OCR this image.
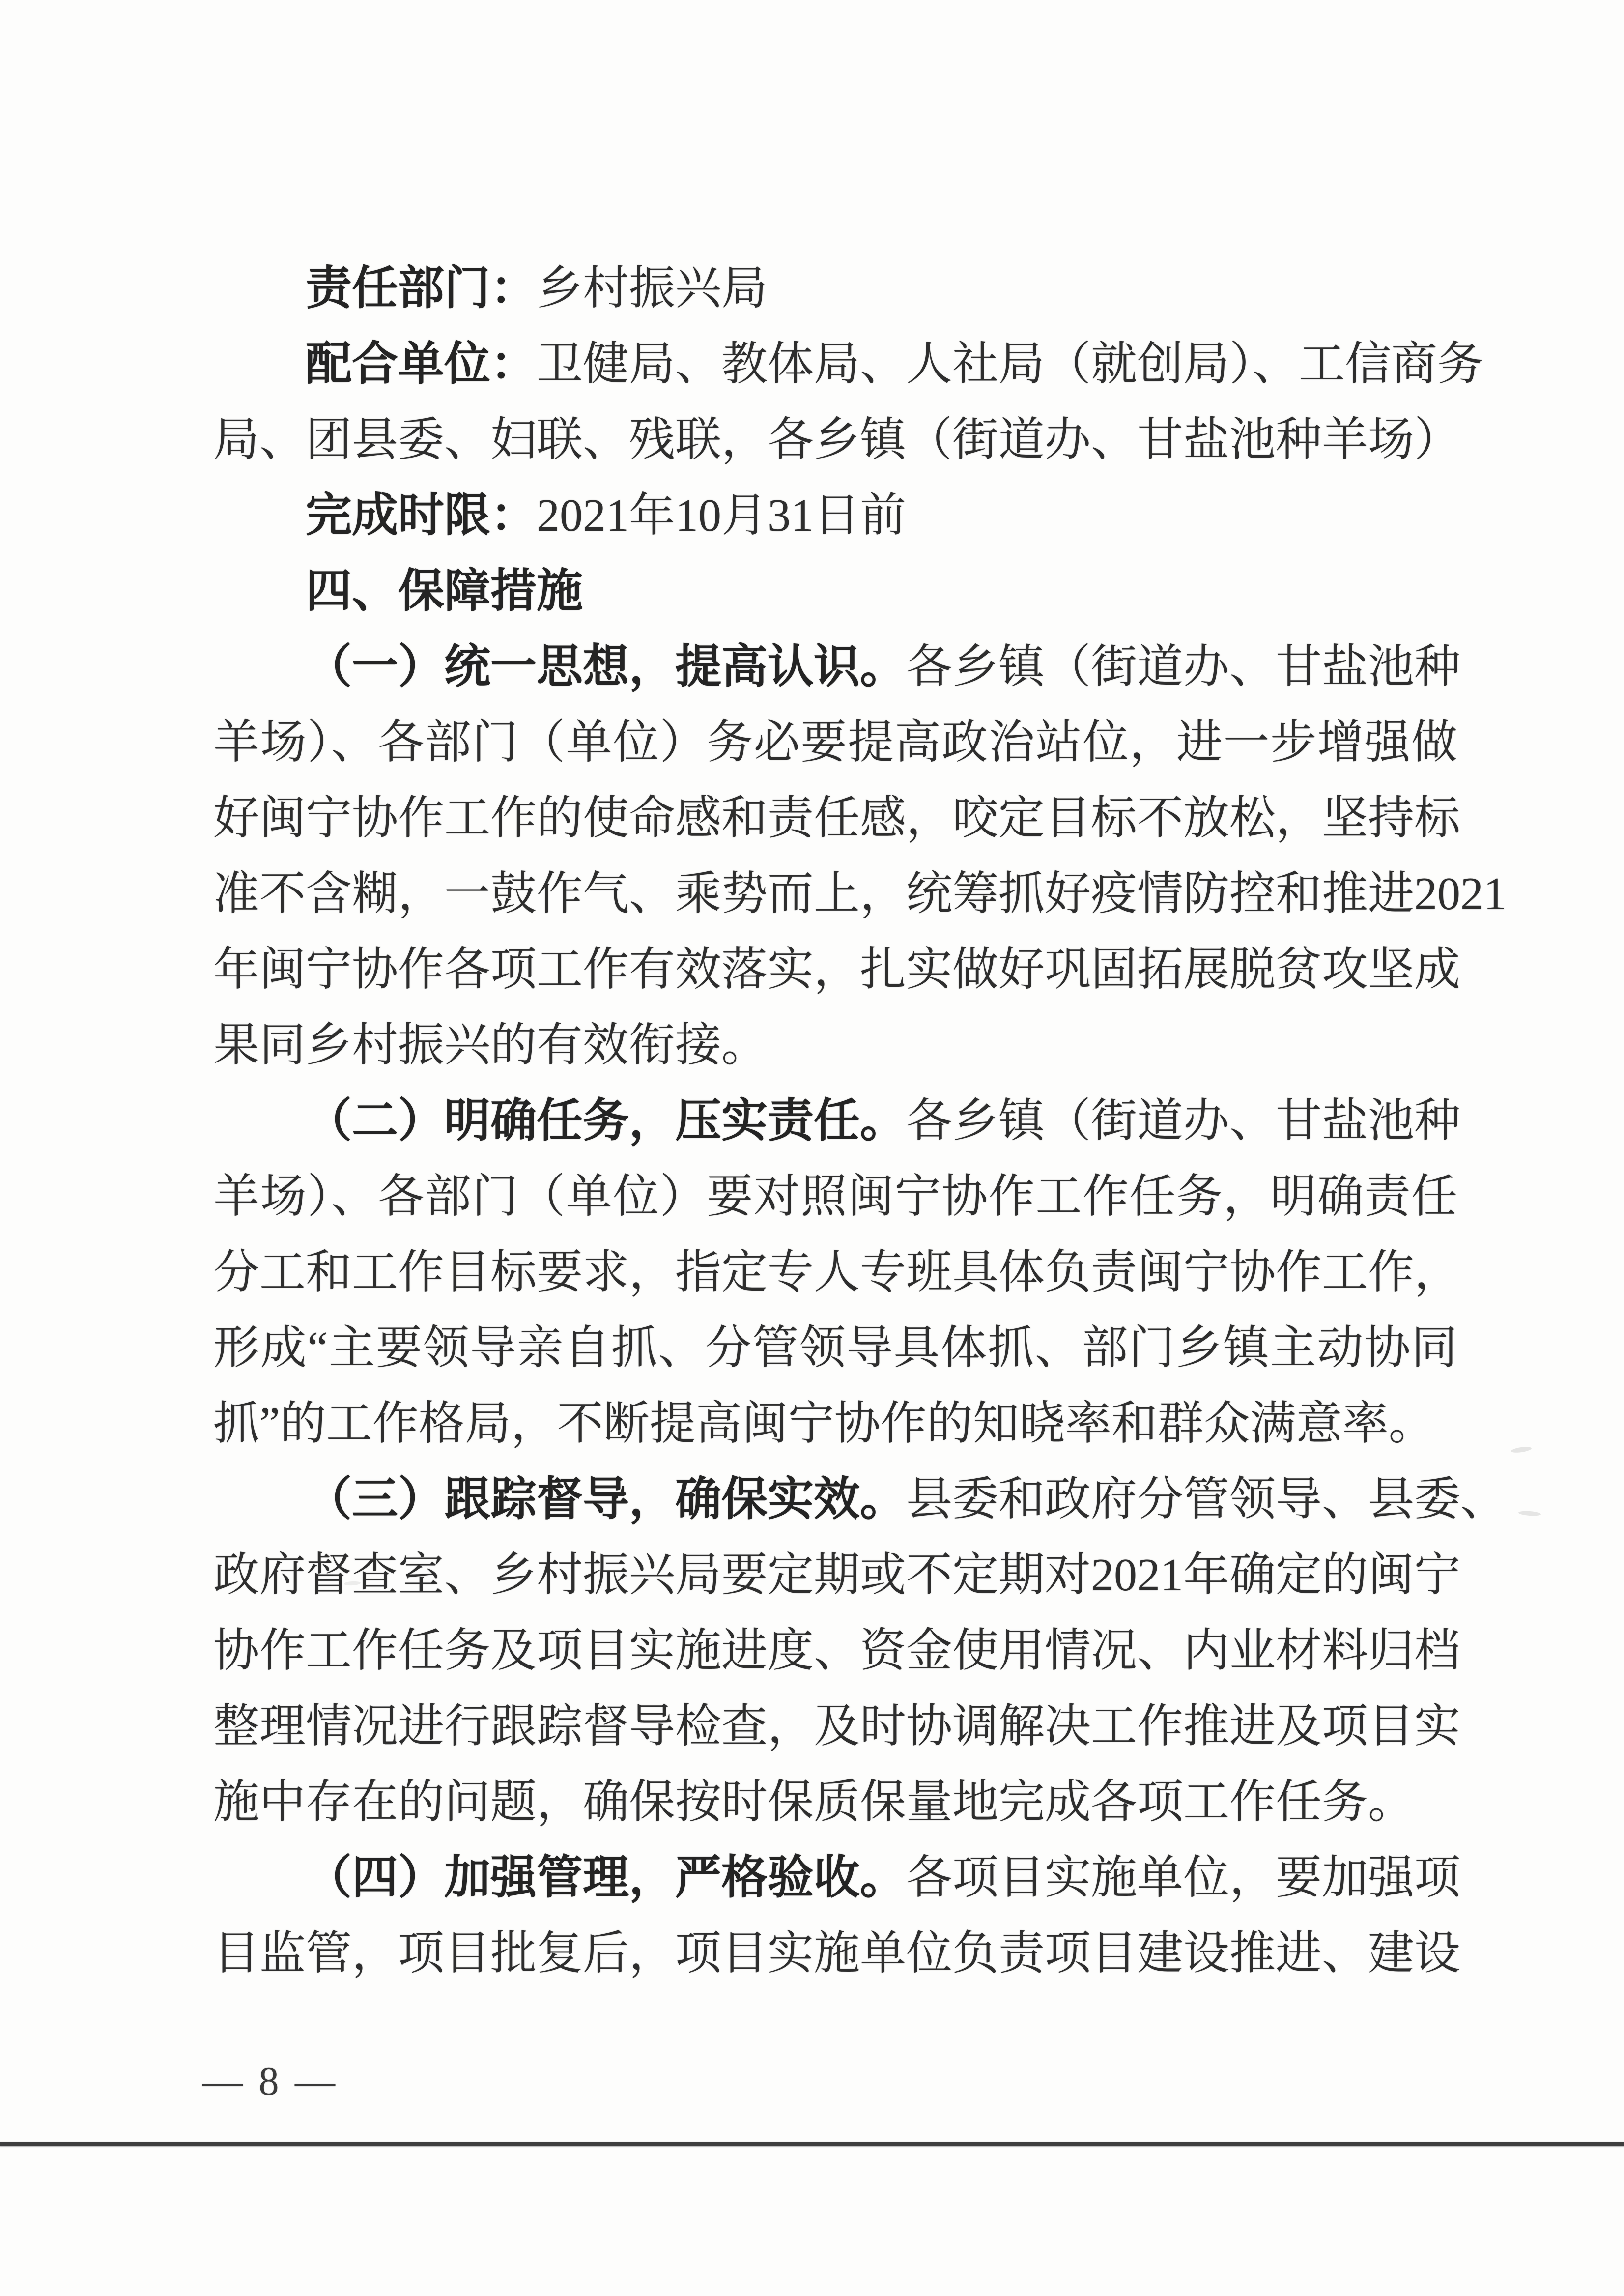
责任部门：乡村振兴局
配合单位：卫健局、教体局、人社局（就创局）、工信商务
局、团县委、妇联、残联，各乡镇（街道办、甘盐池种羊场）
完成时限：2021年10月31日前
四、保障措施
（一）统一思想，提高认识。各乡镇（街道办、甘盐池种
羊场）、各部门（单位）务必要提高政治站位，进一步增强做
好闽宁协作工作的使命感和责任感，咬定目标不放松，坚持标
准不含糊，一鼓作气、乘势而上，统筹抓好疫情防控和推进2021
年闽宁协作各项工作有效落实，扎实做好巩固拓展脱贫攻坚成
果同乡村振兴的有效衔接。
（二）明确任务，压实责任。各乡镇（街道办、甘盐池种
羊场）、各部门（单位）要对照闽宁协作工作任务，明确责任
分工和工作目标要求，指定专人专班具体负责闽宁协作工作，
形成“主要领导亲自抓、分管领导具体抓、部门乡镇主动协同
抓”的工作格局，不断提高闽宁协作的知晓率和群众满意率。
（三）跟踪督导，确保实效。县委和政府分管领导、县委、
政府督查室、乡村振兴局要定期或不定期对2021年确定的闽宁
协作工作任务及项目实施进度、资金使用情况、内业材料归档
整理情况进行跟踪督导检查，及时协调解决工作推进及项目实
施中存在的问题，确保按时保质保量地完成各项工作任务。
（四）加强管理，严格验收。各项目实施单位，要加强项
目监管，项目批复后，项目实施单位负责项目建设推进、建设
— 8 —
